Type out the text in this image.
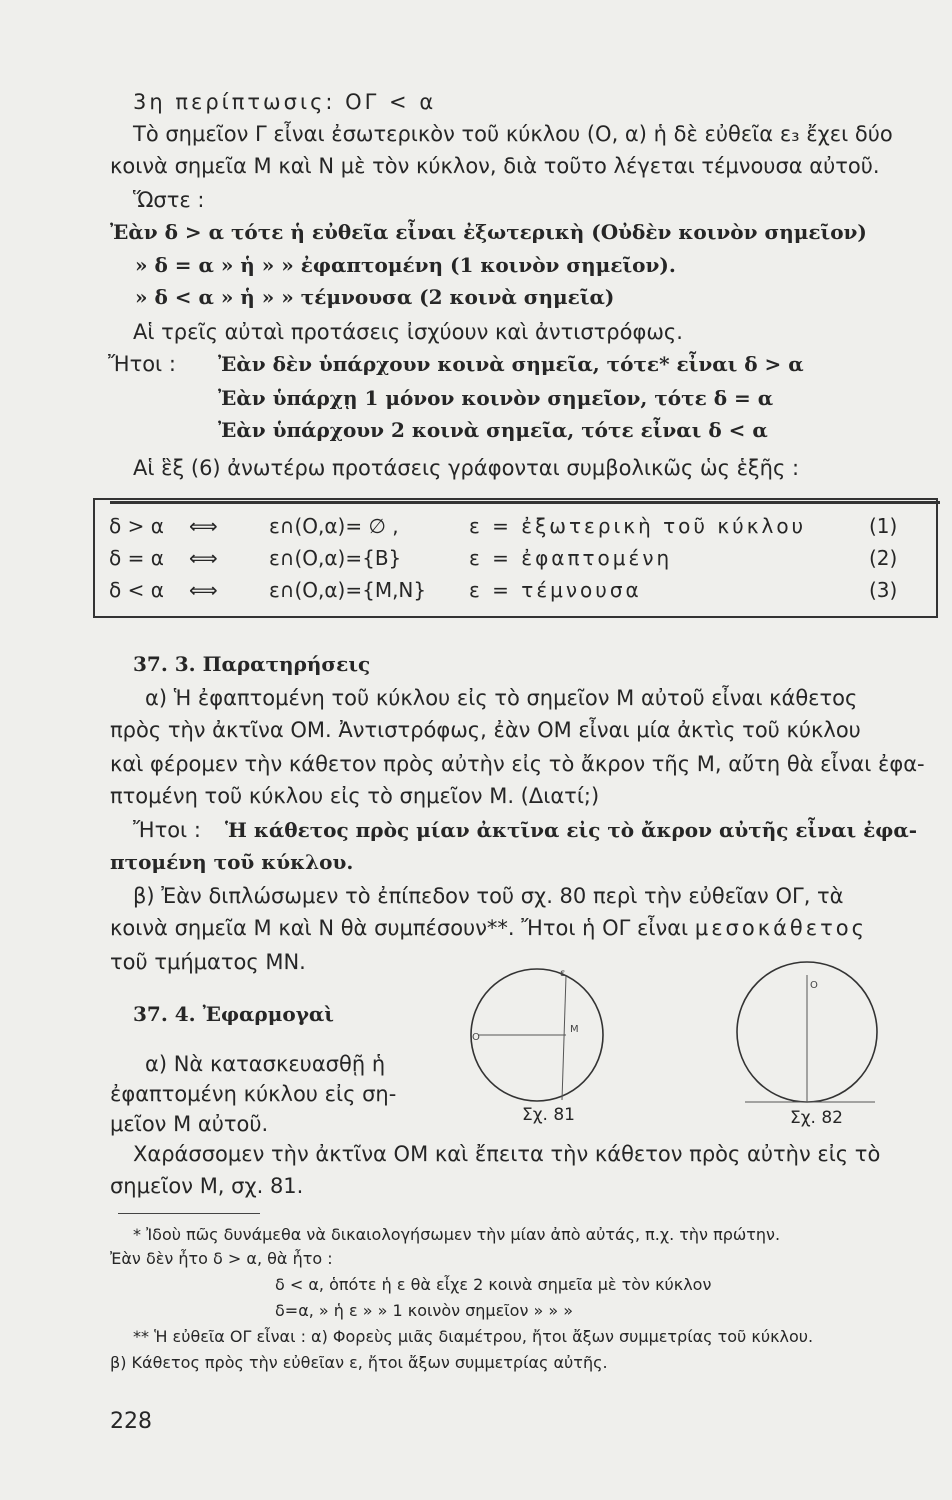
3η περίπτωσις: ΟΓ < α
Τὸ σημεῖον Γ εἶναι ἐσωτερικὸν τοῦ κύκλου (Ο, α) ἡ δὲ εὐθεῖα ε₃ ἔχει δύο
κοινὰ σημεῖα Μ καὶ Ν μὲ τὸν κύκλον, διὰ τοῦτο λέγεται τέμνουσα αὐτοῦ.
Ὥστε :
Ἐὰν δ > α τότε ἡ εὐθεῖα εἶναι ἐξωτερικὴ (Οὐδὲν κοινὸν σημεῖον)
» δ = α » ἡ » » ἐφαπτομένη (1 κοινὸν σημεῖον).
» δ < α » ἡ » » τέμνουσα (2 κοινὰ σημεῖα)
Αἱ τρεῖς αὐταὶ προτάσεις ἰσχύουν καὶ ἀντιστρόφως.
Ἤτοι : Ἐὰν δὲν ὑπάρχουν κοινὰ σημεῖα, τότε* εἶναι δ > α
Ἐὰν ὑπάρχῃ 1 μόνον κοινὸν σημεῖον, τότε δ = α
Ἐὰν ὑπάρχουν 2 κοινὰ σημεῖα, τότε εἶναι δ < α
Αἱ ἓξ (6) ἀνωτέρω προτάσεις γράφονται συμβολικῶς ὡς ἑξῆς :
δ > α ⟺	ε∩(Ο,α)= ∅ ,	ε = ἐξωτερικὴ τοῦ κύκλου	(1)
δ = α ⟺	ε∩(Ο,α)={Β}	ε = ἐφαπτομένη	(2)
δ < α ⟺	ε∩(Ο,α)={Μ,Ν} ε = τέμνουσα	(3)
37. 3. Παρατηρήσεις
α) Ἡ ἐφαπτομένη τοῦ κύκλου εἰς τὸ σημεῖον Μ αὐτοῦ εἶναι κάθετος
πρὸς τὴν ἀκτῖνα ΟΜ. Ἀντιστρόφως, ἐὰν ΟΜ εἶναι μία ἀκτὶς τοῦ κύκλου
καὶ φέρομεν τὴν κάθετον πρὸς αὐτὴν εἰς τὸ ἄκρον τῆς Μ, αὔτη θὰ εἶναι ἐφα-
πτομένη τοῦ κύκλου εἰς τὸ σημεῖον Μ. (Διατί;)
Ἤτοι : Ἡ κάθετος πρὸς μίαν ἀκτῖνα εἰς τὸ ἄκρον αὐτῆς εἶναι ἐφα-
πτομένη τοῦ κύκλου.
β) Ἐὰν διπλώσωμεν τὸ ἐπίπεδον τοῦ σχ. 80 περὶ τὴν εὐθεῖαν ΟΓ, τὰ
κοινὰ σημεῖα Μ καὶ Ν θὰ συμπέσουν**. Ἤτοι ἡ ΟΓ εἶναι μεσοκάθετος
τοῦ τμήματος ΜΝ.
37. 4. Ἐφαρμογαὶ
α) Νὰ κατασκευασθῇ ἡ
ἐφαπτομένη κύκλου εἰς ση-
μεῖον Μ αὐτοῦ.
Ο
Μ
ε
Σχ. 81
Ο
Σχ. 82
Χαράσσομεν τὴν ἀκτῖνα ΟΜ καὶ ἔπειτα τὴν κάθετον πρὸς αὐτὴν εἰς τὸ
σημεῖον Μ, σχ. 81.
* Ἰδοὺ πῶς δυνάμεθα νὰ δικαιολογήσωμεν τὴν μίαν ἀπὸ αὐτάς, π.χ. τὴν πρώτην.
Ἐὰν δὲν ἦτο δ > α, θὰ ἦτο :
δ < α, ὁπότε ἡ ε θὰ εἶχε 2 κοινὰ σημεῖα μὲ τὸν κύκλον
δ=α, » ἡ ε » » 1 κοινὸν σημεῖον » » »
** Ἡ εὐθεῖα ΟΓ εἶναι : α) Φορεὺς μιᾶς διαμέτρου, ἤτοι ἄξων συμμετρίας τοῦ κύκλου.
β) Κάθετος πρὸς τὴν εὐθεῖαν ε, ἤτοι ἄξων συμμετρίας αὐτῆς.
228
